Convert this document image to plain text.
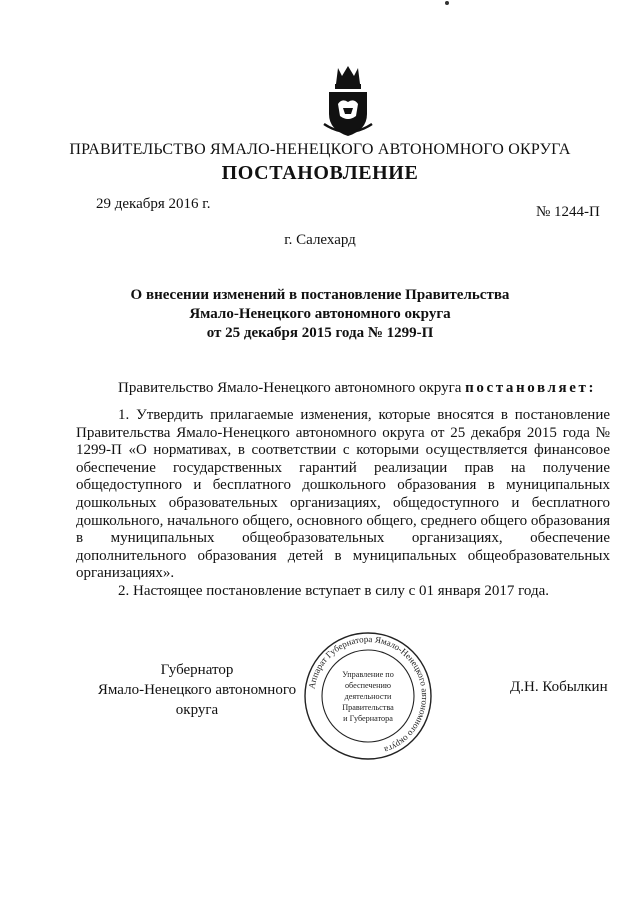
ПРАВИТЕЛЬСТВО ЯМАЛО-НЕНЕЦКОГО АВТОНОМНОГО ОКРУГА
ПОСТАНОВЛЕНИЕ
29 декабря 2016 г.	№ 1244-П
г. Салехард
О внесении изменений в постановление Правительства
Ямало-Ненецкого автономного округа
от 25 декабря 2015 года № 1299-П
Правительство Ямало-Ненецкого автономного округа постановляет:

1. Утвердить прилагаемые изменения, которые вносятся в постановление Правительства Ямало-Ненецкого автономного округа от 25 декабря 2015 года № 1299-П «О нормативах, в соответствии с которыми осуществляется финансовое обеспечение государственных гарантий реализации прав на получение общедоступного и бесплатного дошкольного образования в муниципальных дошкольных образовательных организациях, общедоступного и бесплатного дошкольного, начального общего, основного общего, среднего общего образования в муниципальных общеобразовательных организациях, обеспечение дополнительного образования детей в муниципальных общеобразовательных организациях».

2. Настоящее постановление вступает в силу с 01 января 2017 года.

Губернатор
Ямало-Ненецкого автономного округа
Аппарат Губернатора Ямало-Ненецкого автономного округа
Управление по
обеспечению
деятельности
Правительства
и Губернатора
Д.Н. Кобылкин
